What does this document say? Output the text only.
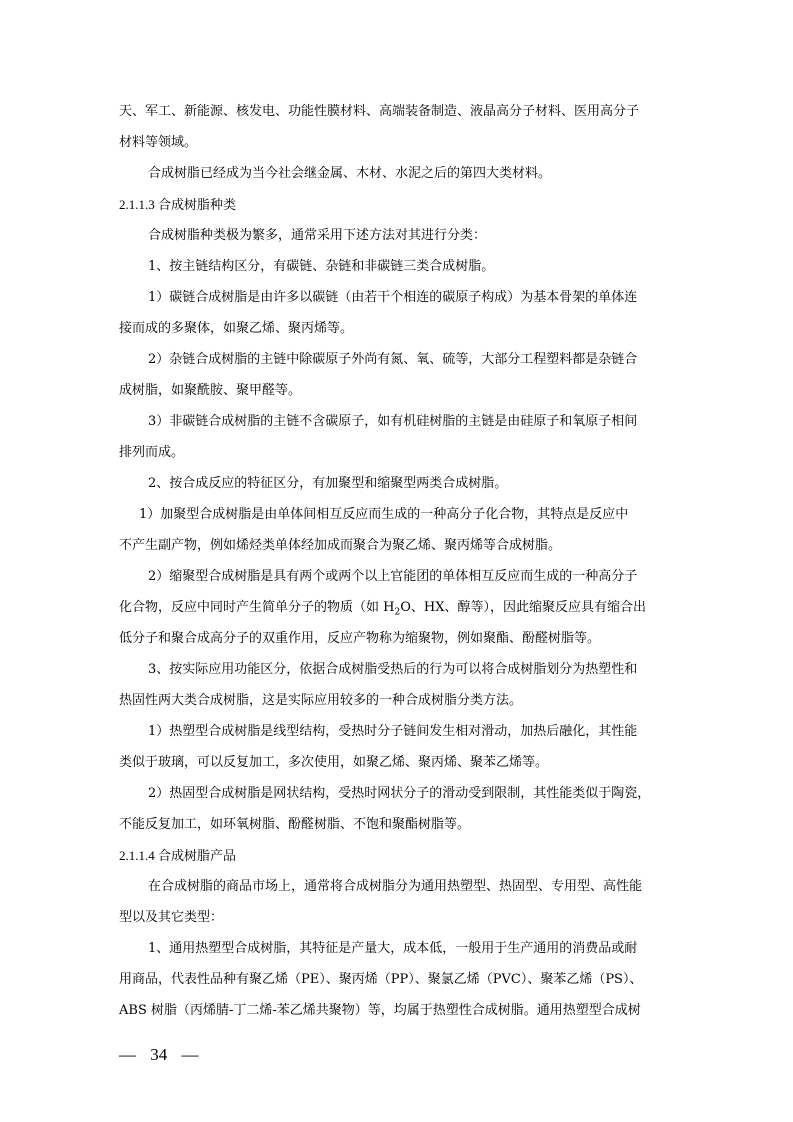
天、军工、新能源、核发电、功能性膜材料、高端装备制造、液晶高分子材料、医用高分子
材料等领域。
合成树脂已经成为当今社会继金属、木材、水泥之后的第四大类材料。
2.1.1.3 合成树脂种类
合成树脂种类极为繁多，通常采用下述方法对其进行分类：
1、按主链结构区分，有碳链、杂链和非碳链三类合成树脂。
1）碳链合成树脂是由许多以碳链（由若干个相连的碳原子构成）为基本骨架的单体连
接而成的多聚体，如聚乙烯、聚丙烯等。
2）杂链合成树脂的主链中除碳原子外尚有氮、氧、硫等，大部分工程塑料都是杂链合
成树脂，如聚酰胺、聚甲醛等。
3）非碳链合成树脂的主链不含碳原子，如有机硅树脂的主链是由硅原子和氧原子相间
排列而成。
2、按合成反应的特征区分，有加聚型和缩聚型两类合成树脂。
1）加聚型合成树脂是由单体间相互反应而生成的一种高分子化合物，其特点是反应中
不产生副产物，例如烯烃类单体经加成而聚合为聚乙烯、聚丙烯等合成树脂。
2）缩聚型合成树脂是具有两个或两个以上官能团的单体相互反应而生成的一种高分子
化合物，反应中同时产生简单分子的物质（如 $H_2O$、HX、醇等），因此缩聚反应具有缩合出
低分子和聚合成高分子的双重作用，反应产物称为缩聚物，例如聚酯、酚醛树脂等。
3、按实际应用功能区分，依据合成树脂受热后的行为可以将合成树脂划分为热塑性和
热固性两大类合成树脂，这是实际应用较多的一种合成树脂分类方法。
1）热塑型合成树脂是线型结构，受热时分子链间发生相对滑动，加热后融化，其性能
类似于玻璃，可以反复加工，多次使用，如聚乙烯、聚丙烯、聚苯乙烯等。
2）热固型合成树脂是网状结构，受热时网状分子的滑动受到限制，其性能类似于陶瓷，
不能反复加工，如环氧树脂、酚醛树脂、不饱和聚酯树脂等。
2.1.1.4 合成树脂产品
在合成树脂的商品市场上，通常将合成树脂分为通用热塑型、热固型、专用型、高性能
型以及其它类型：
1、通用热塑型合成树脂，其特征是产量大，成本低，一般用于生产通用的消费品或耐
用商品，代表性品种有聚乙烯（PE）、聚丙烯（PP）、聚氯乙烯（PVC）、聚苯乙烯（PS）、
ABS 树脂（丙烯腈-丁二烯-苯乙烯共聚物）等，均属于热塑性合成树脂。通用热塑型合成树
— 34 —
